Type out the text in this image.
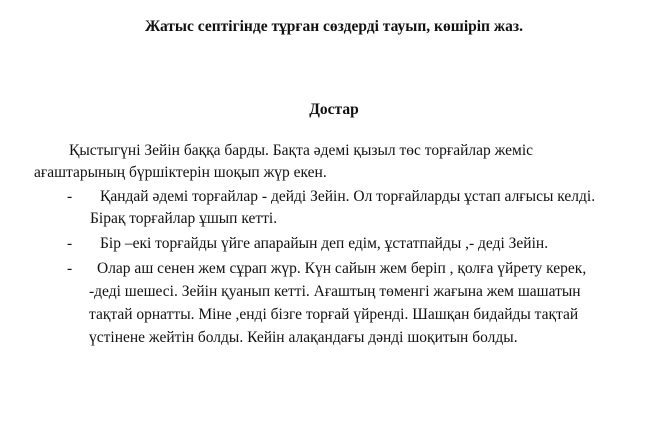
Жатыс септігінде тұрған сөздерді тауып, көшіріп жаз.
Достар
Қыстыгүні Зейін баққа барды. Бақта әдемі қызыл төс торғайлар жеміс
ағаштарының бүршіктерін шоқып жүр екен.
- Қандай әдемі торғайлар - дейді Зейін. Ол торғайларды ұстап алғысы келді.
Бірақ торғайлар ұшып кетті.
- Бір –екі торғайды үйге апарайын деп едім, ұстатпайды ,- деді Зейін.
- Олар аш сенен жем сұрап жүр. Күн сайын жем беріп , қолға үйрету керек,
-деді шешесі. Зейін қуанып кетті. Ағаштың төменгі жағына жем шашатын
тақтай орнатты. Міне ,енді бізге торғай үйренді. Шашқан бидайды тақтай
үстінене жейтін болды. Кейін алақандағы дәнді шоқитын болды.
